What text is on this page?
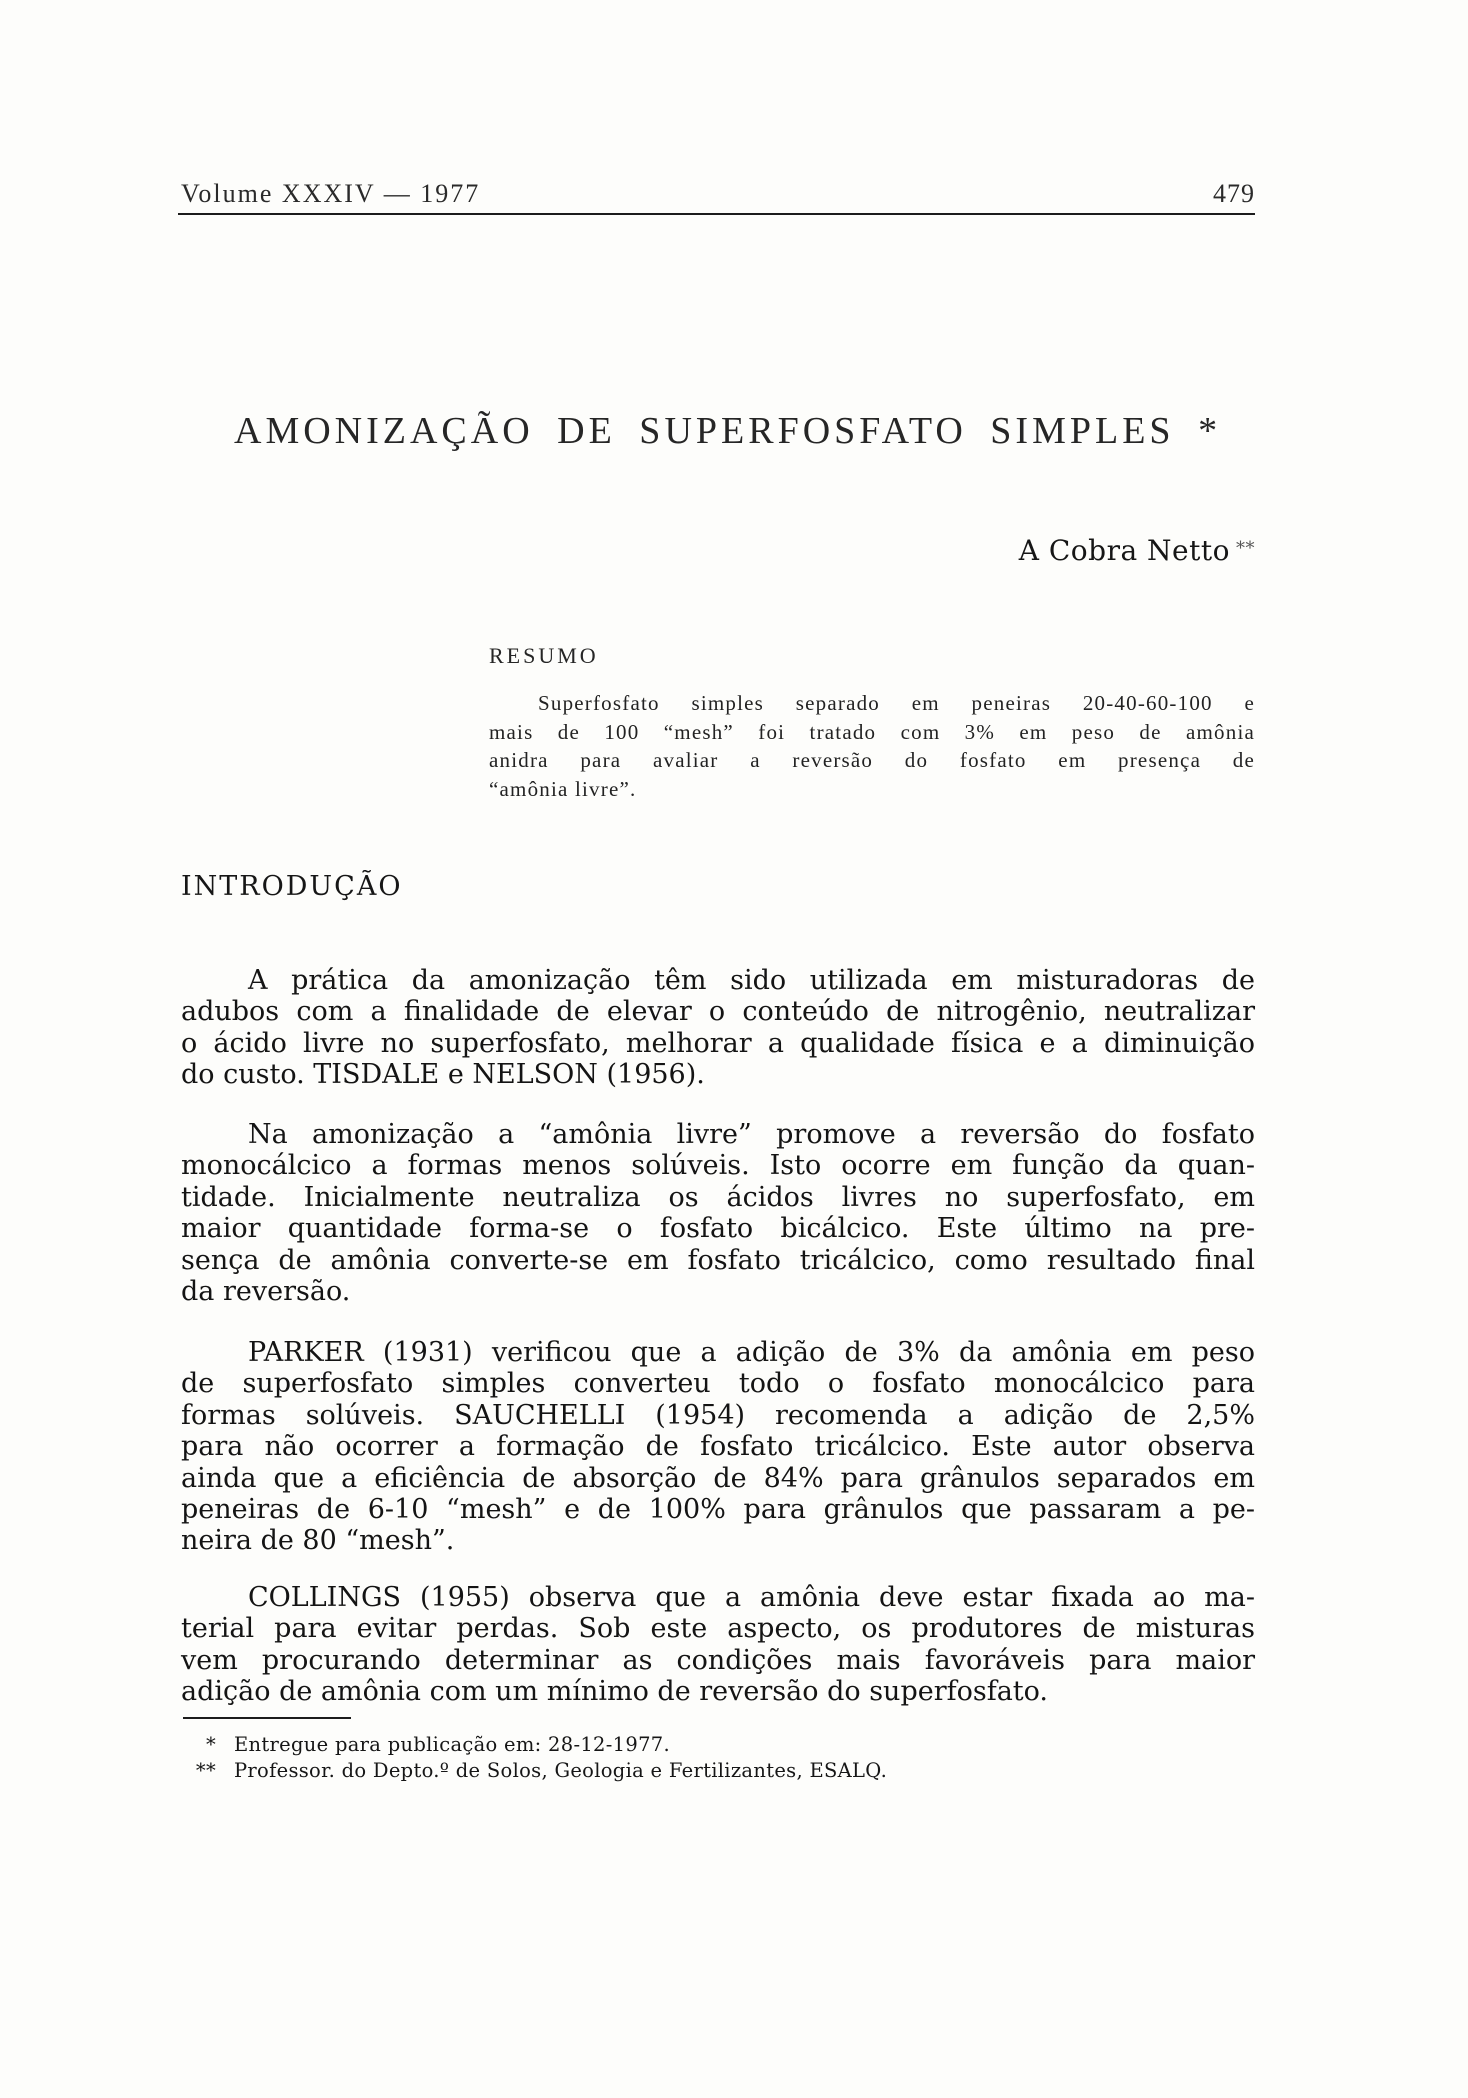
Volume XXXIV — 1977	479
AMONIZAÇÃO DE SUPERFOSFATO SIMPLES *
A Cobra Netto **
RESUMO
Superfosfato simples separado em peneiras 20-40-60-100 e
mais de 100 “mesh” foi tratado com 3% em peso de amônia
anidra para avaliar a reversão do fosfato em presença de
“amônia livre”.
INTRODUÇÃO
A prática da amonização têm sido utilizada em misturadoras de
adubos com a finalidade de elevar o conteúdo de nitrogênio, neutralizar
o ácido livre no superfosfato, melhorar a qualidade física e a diminuição
do custo. TISDALE e NELSON (1956).
Na amonização a “amônia livre” promove a reversão do fosfato
monocálcico a formas menos solúveis. Isto ocorre em função da quan-
tidade. Inicialmente neutraliza os ácidos livres no superfosfato, em
maior quantidade forma-se o fosfato bicálcico. Este último na pre-
sença de amônia converte-se em fosfato tricálcico, como resultado final
da reversão.
PARKER (1931) verificou que a adição de 3% da amônia em peso
de superfosfato simples converteu todo o fosfato monocálcico para
formas solúveis. SAUCHELLI (1954) recomenda a adição de 2,5%
para não ocorrer a formação de fosfato tricálcico. Este autor observa
ainda que a eficiência de absorção de 84% para grânulos separados em
peneiras de 6-10 “mesh” e de 100% para grânulos que passaram a pe-
neira de 80 “mesh”.
COLLINGS (1955) observa que a amônia deve estar fixada ao ma-
terial para evitar perdas. Sob este aspecto, os produtores de misturas
vem procurando determinar as condições mais favoráveis para maior
adição de amônia com um mínimo de reversão do superfosfato.
* Entregue para publicação em: 28-12-1977.
** Professor. do Depto.º de Solos, Geologia e Fertilizantes, ESALQ.
